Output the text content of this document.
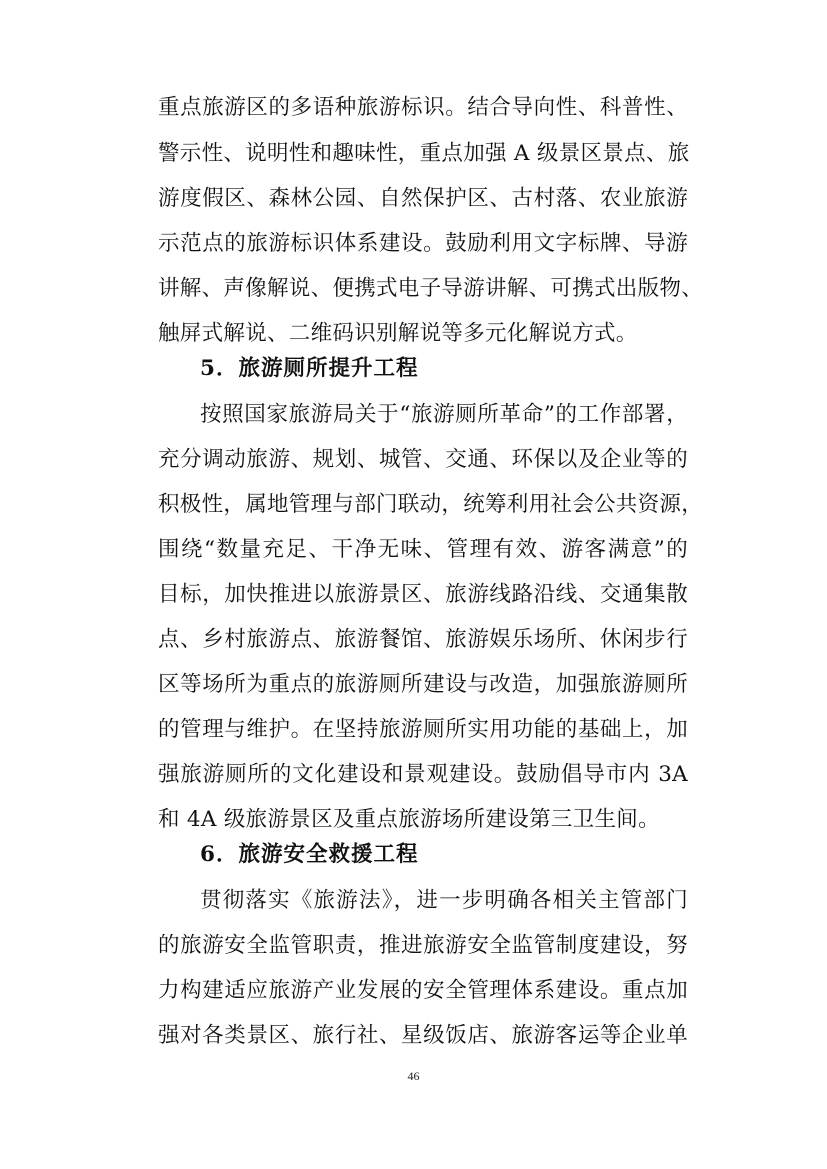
重点旅游区的多语种旅游标识。结合导向性、科普性、
警示性、说明性和趣味性，重点加强 A 级景区景点、旅
游度假区、森林公园、自然保护区、古村落、农业旅游
示范点的旅游标识体系建设。鼓励利用文字标牌、导游
讲解、声像解说、便携式电子导游讲解、可携式出版物、
触屏式解说、二维码识别解说等多元化解说方式。
5．旅游厕所提升工程
按照国家旅游局关于“旅游厕所革命”的工作部署，
充分调动旅游、规划、城管、交通、环保以及企业等的
积极性，属地管理与部门联动，统筹利用社会公共资源，
围绕“数量充足、干净无味、管理有效、游客满意”的
目标，加快推进以旅游景区、旅游线路沿线、交通集散
点、乡村旅游点、旅游餐馆、旅游娱乐场所、休闲步行
区等场所为重点的旅游厕所建设与改造，加强旅游厕所
的管理与维护。在坚持旅游厕所实用功能的基础上，加
强旅游厕所的文化建设和景观建设。鼓励倡导市内 3A
和 4A 级旅游景区及重点旅游场所建设第三卫生间。
6．旅游安全救援工程
贯彻落实《旅游法》，进一步明确各相关主管部门
的旅游安全监管职责，推进旅游安全监管制度建设，努
力构建适应旅游产业发展的安全管理体系建设。重点加
强对各类景区、旅行社、星级饭店、旅游客运等企业单
46
